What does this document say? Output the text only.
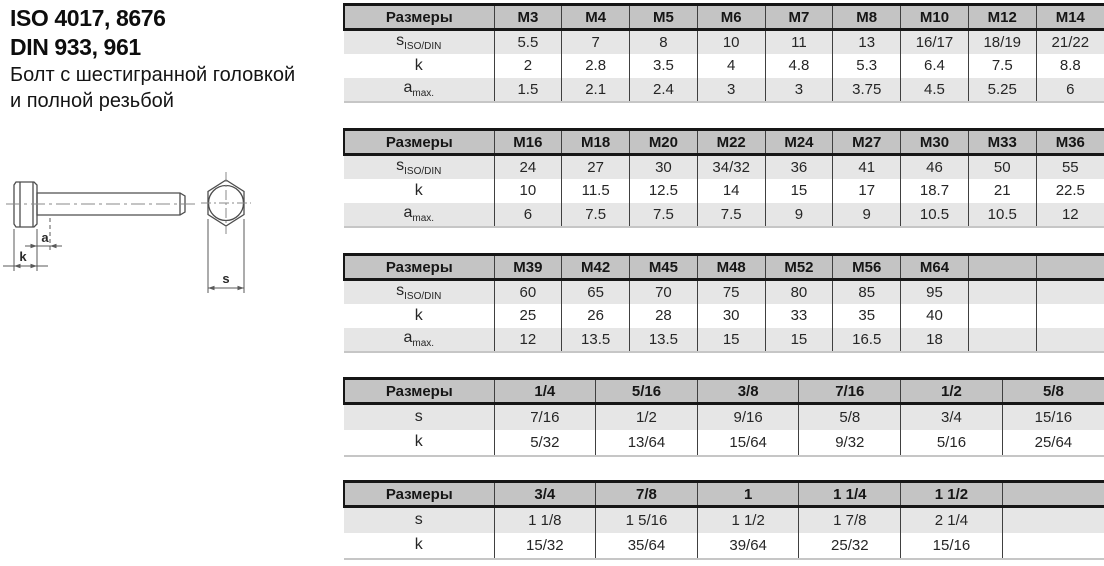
ISO 4017, 8676
DIN 933, 961
Болт с шестигранной головкой
и полной резьбой
a
k
s
Размеры	M3	M4	M5	M6	M7	M8	M10	M12	M14
$s_{ISO/DIN}$	5.5	7	8	10	11	13	16/17	18/19	21/22
k	2	2.8	3.5	4	4.8	5.3	6.4	7.5	8.8
$a_{max.}$	1.5	2.1	2.4	3	3	3.75	4.5	5.25	6
Размеры	M16	M18	M20	M22	M24	M27	M30	M33	M36
$s_{ISO/DIN}$	24	27	30	34/32	36	41	46	50	55
k	10	11.5	12.5	14	15	17	18.7	21	22.5
$a_{max.}$	6	7.5	7.5	7.5	9	9	10.5	10.5	12
Размеры	M39	M42	M45	M48	M52	M56	M64		
$s_{ISO/DIN}$	60	65	70	75	80	85	95		
k	25	26	28	30	33	35	40		
$a_{max.}$	12	13.5	13.5	15	15	16.5	18		
Размеры	1/4	5/16	3/8	7/16	1/2	5/8
s	7/16	1/2	9/16	5/8	3/4	15/16
k	5/32	13/64	15/64	9/32	5/16	25/64
Размеры	3/4	7/8	1	1 1/4	1 1/2	
s	1 1/8	1 5/16	1 1/2	1 7/8	2 1/4	
k	15/32	35/64	39/64	25/32	15/16	
